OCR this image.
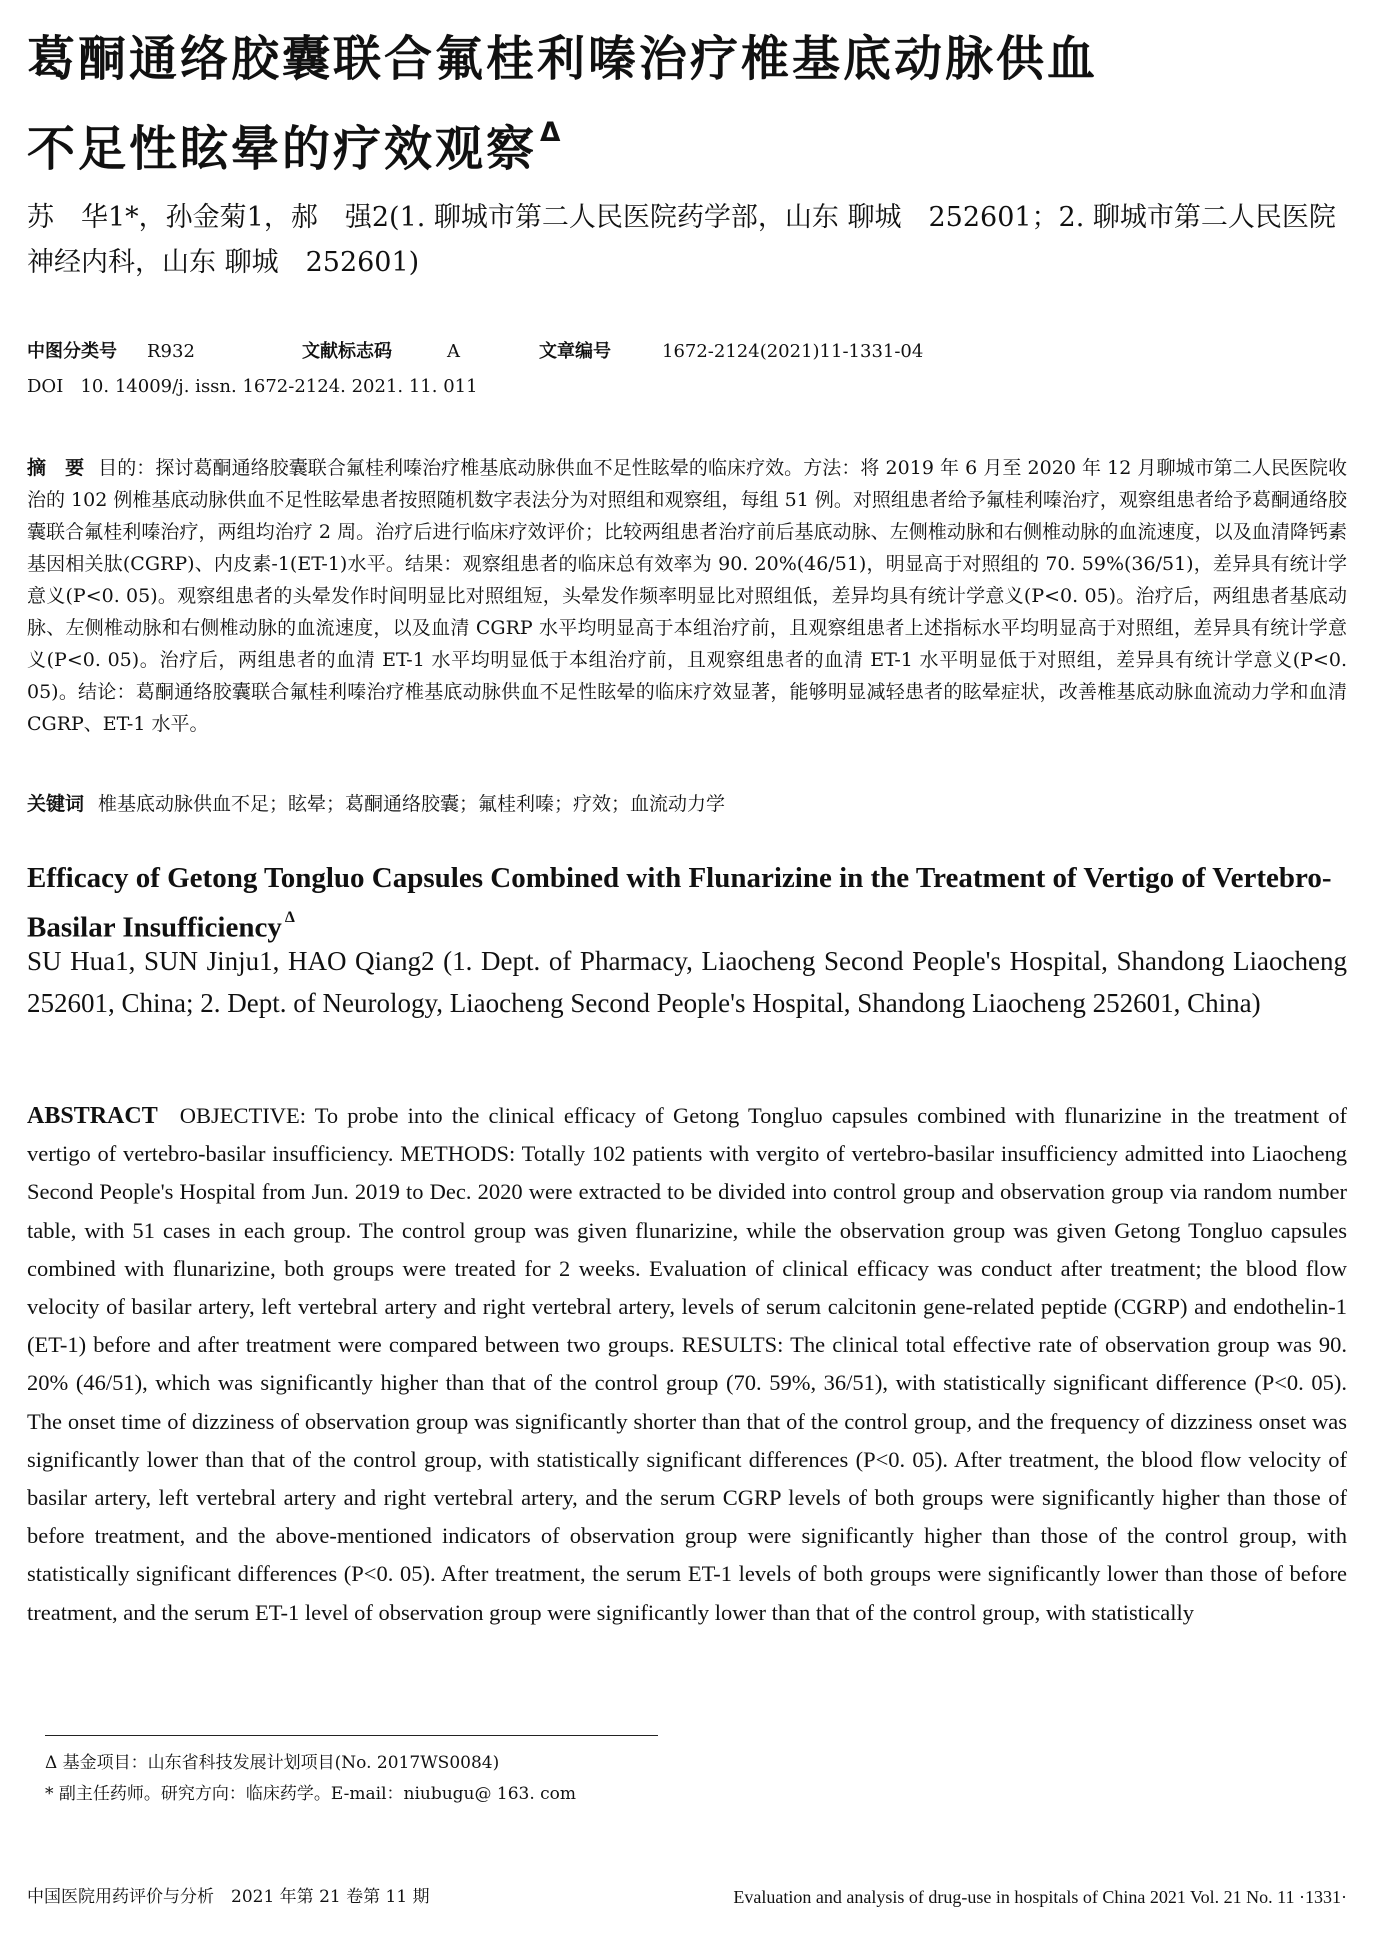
葛酮通络胶囊联合氟桂利嗪治疗椎基底动脉供血
不足性眩晕的疗效观察 $^\Delta$
苏　华1*，孙金菊1，郝　强2(1. 聊城市第二人民医院药学部，山东 聊城　252601；2. 聊城市第二人民医院神经内科，山东 聊城　252601)
中图分类号 R932	文献标志码	A	文章编号	1672-2124(2021)11-1331-04
DOI 10. 14009/j. issn. 1672-2124. 2021. 11. 011

摘　要 目的：探讨葛酮通络胶囊联合氟桂利嗪治疗椎基底动脉供血不足性眩晕的临床疗效。方法：将 2019 年 6 月至 2020 年 12 月聊城市第二人民医院收治的 102 例椎基底动脉供血不足性眩晕患者按照随机数字表法分为对照组和观察组，每组 51 例。对照组患者给予氟桂利嗪治疗，观察组患者给予葛酮通络胶囊联合氟桂利嗪治疗，两组均治疗 2 周。治疗后进行临床疗效评价；比较两组患者治疗前后基底动脉、左侧椎动脉和右侧椎动脉的血流速度，以及血清降钙素基因相关肽(CGRP)、内皮素-1(ET-1)水平。结果：观察组患者的临床总有效率为 90. 20%(46/51)，明显高于对照组的 70. 59%(36/51)，差异具有统计学意义(P<0. 05)。观察组患者的头晕发作时间明显比对照组短，头晕发作频率明显比对照组低，差异均具有统计学意义(P<0. 05)。治疗后，两组患者基底动脉、左侧椎动脉和右侧椎动脉的血流速度，以及血清 CGRP 水平均明显高于本组治疗前，且观察组患者上述指标水平均明显高于对照组，差异具有统计学意义(P<0. 05)。治疗后，两组患者的血清 ET-1 水平均明显低于本组治疗前，且观察组患者的血清 ET-1 水平明显低于对照组，差异具有统计学意义(P<0. 05)。结论：葛酮通络胶囊联合氟桂利嗪治疗椎基底动脉供血不足性眩晕的临床疗效显著，能够明显减轻患者的眩晕症状，改善椎基底动脉血流动力学和血清 CGRP、ET-1 水平。

关键词 椎基底动脉供血不足；眩晕；葛酮通络胶囊；氟桂利嗪；疗效；血流动力学
Efficacy of Getong Tongluo Capsules Combined with Flunarizine in the Treatment of Vertigo of Vertebro-Basilar Insufficiency $^\Delta$
SU Hua1, SUN Jinju1, HAO Qiang2 (1. Dept. of Pharmacy, Liaocheng Second People's Hospital, Shandong Liaocheng 252601, China; 2. Dept. of Neurology, Liaocheng Second People's Hospital, Shandong Liaocheng 252601, China)

ABSTRACT OBJECTIVE: To probe into the clinical efficacy of Getong Tongluo capsules combined with flunarizine in the treatment of vertigo of vertebro-basilar insufficiency. METHODS: Totally 102 patients with vergito of vertebro-basilar insufficiency admitted into Liaocheng Second People's Hospital from Jun. 2019 to Dec. 2020 were extracted to be divided into control group and observation group via random number table, with 51 cases in each group. The control group was given flunarizine, while the observation group was given Getong Tongluo capsules combined with flunarizine, both groups were treated for 2 weeks. Evaluation of clinical efficacy was conduct after treatment; the blood flow velocity of basilar artery, left vertebral artery and right vertebral artery, levels of serum calcitonin gene-related peptide (CGRP) and endothelin-1 (ET-1) before and after treatment were compared between two groups. RESULTS: The clinical total effective rate of observation group was 90. 20% (46/51), which was significantly higher than that of the control group (70. 59%, 36/51), with statistically significant difference (P<0. 05). The onset time of dizziness of observation group was significantly shorter than that of the control group, and the frequency of dizziness onset was significantly lower than that of the control group, with statistically significant differences (P<0. 05). After treatment, the blood flow velocity of basilar artery, left vertebral artery and right vertebral artery, and the serum CGRP levels of both groups were significantly higher than those of before treatment, and the above-mentioned indicators of observation group were significantly higher than those of the control group, with statistically significant differences (P<0. 05). After treatment, the serum ET-1 levels of both groups were significantly lower than those of before treatment, and the serum ET-1 level of observation group were significantly lower than that of the control group, with statistically

Δ 基金项目：山东省科技发展计划项目(No. 2017WS0084)
* 副主任药师。研究方向：临床药学。E-mail：niubugu@ 163. com
中国医院用药评价与分析　2021 年第 21 卷第 11 期	Evaluation and analysis of drug-use in hospitals of China 2021 Vol. 21 No. 11 ·1331·
